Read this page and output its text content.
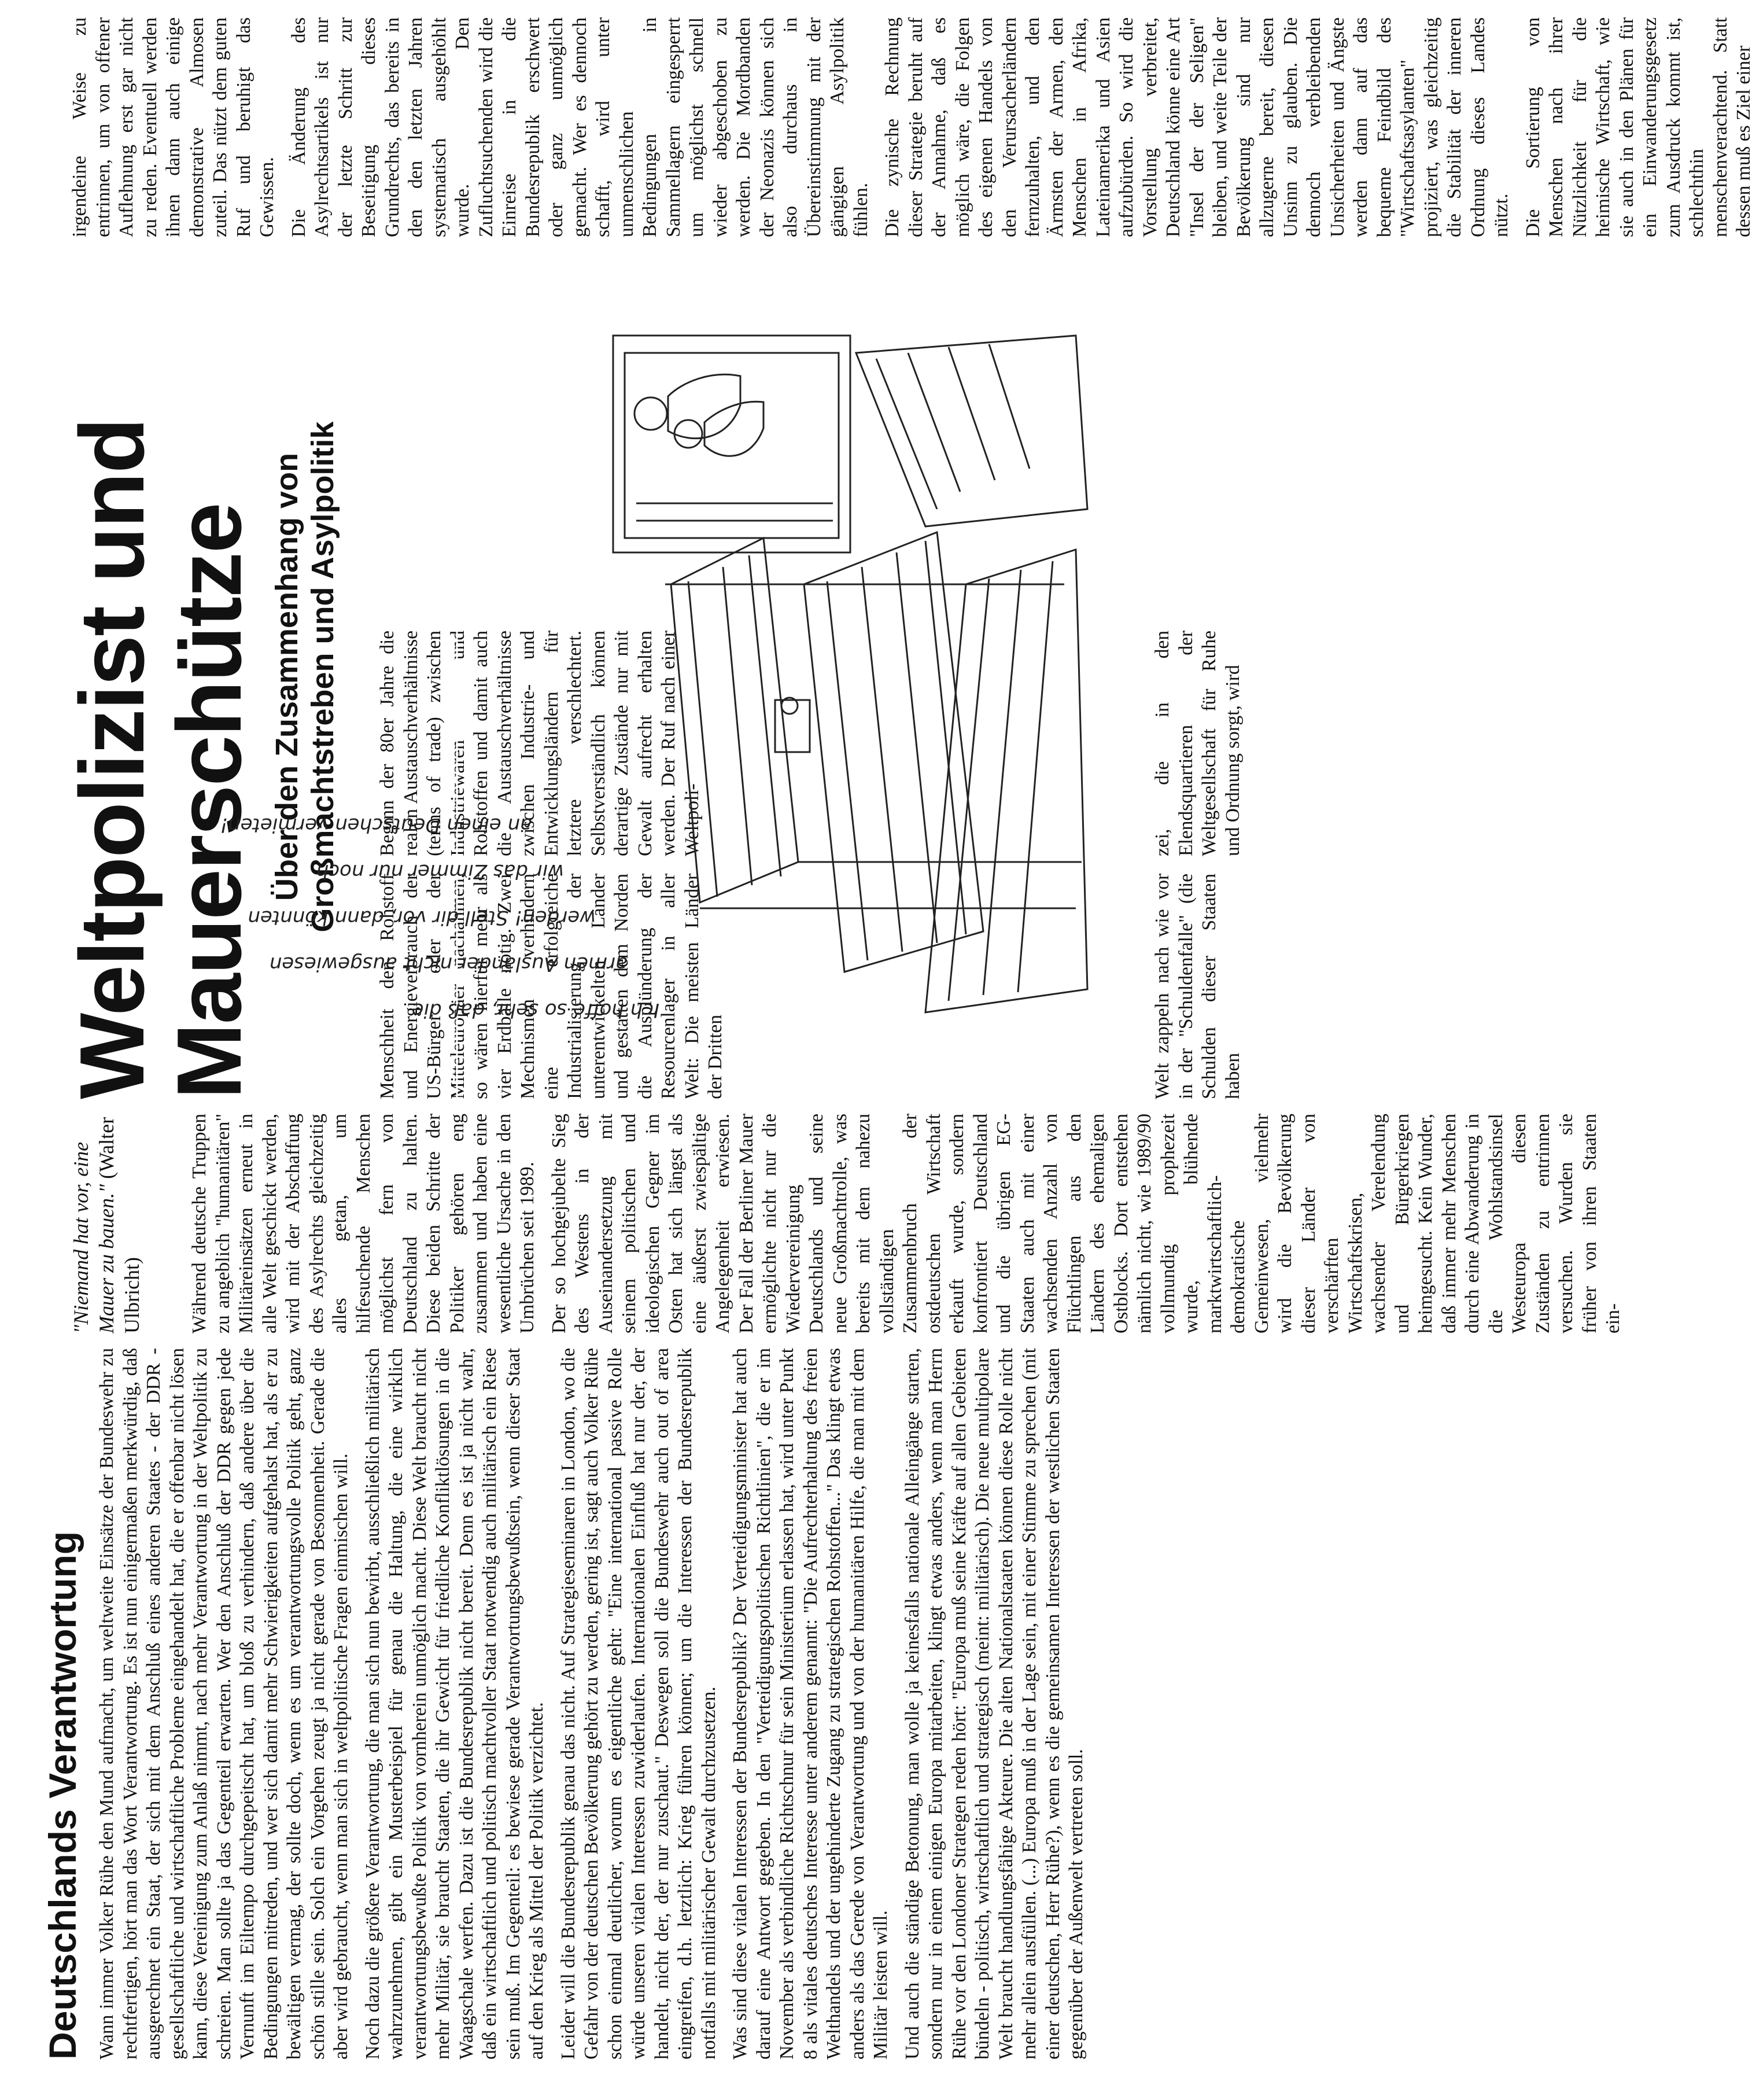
Deutschlands Verantwortung Wann immer Volker Rühe den Mund aufmacht, um weltweite Einsätze der Bundeswehr zu rechtfertigen, hört man das Wort Verantwortung. Es ist nun einigermaßen merkwürdig, daß ausgerechnet ein Staat, der sich mit dem Anschluß eines anderen Staates - der DDR - gesellschaftliche und wirtschaftliche Probleme eingehandelt hat, die er offenbar nicht lösen kann, diese Vereinigung zum Anlaß nimmt, nach mehr Verantwortung in der Weltpolitik zu schreien. Man sollte ja das Gegenteil erwarten. Wer den Anschluß der DDR gegen jede Vernunft im Eiltempo durchgepeitscht hat, um bloß zu verhindern, daß andere über die Bedingungen mitreden, und wer sich damit mehr Schwierigkeiten aufgehalst hat, als er zu bewältigen vermag, der sollte doch, wenn es um verantwortungsvolle Politik geht, ganz schön stille sein. Solch ein Vorgehen zeugt ja nicht gerade von Besonnenheit. Gerade die aber wird gebraucht, wenn man sich in weltpolitische Fragen einmischen will. Noch dazu die größere Verantwortung, die man sich nun bewirbt, ausschließlich militärisch wahrzunehmen, gibt ein Musterbeispiel für genau die Haltung, die eine wirklich verantwortungsbewußte Politik von vornherein unmöglich macht. Diese Welt braucht nicht mehr Militär, sie braucht Staaten, die ihr Gewicht für friedliche Konfliktlösungen in die Waagschale werfen. Dazu ist die Bundesrepublik nicht bereit. Denn es ist ja nicht wahr, daß ein wirtschaftlich und politisch machtvoller Staat notwendig auch militärisch ein Riese sein muß. Im Gegenteil: es bewiese gerade Verantwortungsbewußtsein, wenn dieser Staat auf den Krieg als Mittel der Politik verzichtet. Leider will die Bundesrepublik genau das nicht. Auf Strategieseminaren in London, wo die Gefahr von der deutschen Bevölkerung gehört zu werden, gering ist, sagt auch Volker Rühe schon einmal deutlicher, worum es eigentliche geht: "Eine international passive Rolle würde unseren vitalen Interessen zuwiderlaufen. Internationalen Einfluß hat nur der, der handelt, nicht der, der nur zuschaut." Deswegen soll die Bundeswehr auch out of area eingreifen, d.h. letztlich: Krieg führen können; um die Interessen der Bundesrepublik notfalls mit militärischer Gewalt durchzusetzen. Was sind diese vitalen Interessen der Bundesrepublik? Der Verteidigungsminister hat auch darauf eine Antwort gegeben. In den "Verteidigungspolitischen Richtlinien", die er im November als verbindliche Richtschnur für sein Ministerium erlassen hat, wird unter Punkt 8 als vitales deutsches Interesse unter anderem genannt: "Die Aufrechterhaltung des freien Welthandels und der ungehinderte Zugang zu strategischen Rohstoffen..." Das klingt etwas anders als das Gerede von Verantwortung und von der humanitären Hilfe, die man mit dem Militär leisten will. Und auch die ständige Betonung, man wolle ja keinesfalls nationale Alleingänge starten, sondern nur in einem einigen Europa mitarbeiten, klingt etwas anders, wenn man Herrn Rühe vor den Londoner Strategen reden hört: "Europa muß seine Kräfte auf allen Gebieten bündeln - politisch, wirtschaftlich und strategisch (meint: militärisch). Die neue multipolare Welt braucht handlungsfähige Akteure. Die alten Nationalstaaten können diese Rolle nicht mehr allein ausfüllen. (...) Europa muß in der Lage sein, mit einer Stimme zu sprechen (mit einer deutschen, Herr Rühe?), wenn es die gemeinsamen Interessen der westlichen Staaten gegenüber der Außenwelt vertreten soll.

"Niemand hat vor, eine Mauer zu bauen." (Walter Ulbricht) Während deutsche Truppen zu angeblich "humanitären" Militäreinsätzen erneut in alle Welt geschickt werden, wird mit der Abschaffung des Asylrechts gleichzeitig alles getan, um hilfesuchende Menschen möglichst fern von Deutschland zu halten. Diese beiden Schritte der Politiker gehören eng zusammen und haben eine wesentliche Ursache in den Umbrüchen seit 1989. Der so hochgejubelte Sieg des Westens in der Auseinandersetzung mit seinem politischen und ideologischen Gegner im Osten hat sich längst als eine äußerst zwiespältige Angelegenheit erwiesen. Der Fall der Berliner Mauer ermöglichte nicht nur die Wiedervereinigung Deutschlands und seine neue Großmachtrolle, was bereits mit dem nahezu vollständigen Zusammenbruch der ostdeutschen Wirtschaft erkauft wurde, sondern konfrontiert Deutschland und die übrigen EG- Staaten auch mit einer wachsenden Anzahl von Flüchtlingen aus den Ländern des ehemaligen Ostblocks. Dort entstehen nämlich nicht, wie 1989/90 vollmundig prophezeit wurde, blühende marktwirtschaftlich- demokratische Gemeinwesen, vielmehr wird die Bevölkerung dieser Länder von verschärften Wirtschaftskrisen, wachsender Verelendung und Bürgerkriegen heimgesucht. Kein Wunder, daß immer mehr Menschen durch eine Abwanderung in die Wohlstandsinsel Westeuropa diesen Zuständen zu entrinnen versuchen. Wurden sie früher von ihren Staaten ein-

Weltpolizist und
Mauerschütze Über den Zusammenhang von Großmachtstreben und Asylpolitik

Menschheit den Rohstoff und Energieverbrauch der US-Bürger oder der Mitteleuropäer nachahmen, so wären hierfür mehr als vier Erdbälle nötig. Zwei Mechnismen verhindern eine erfolgreiche Industrialisierung der unterentwickelten Länder und gestatten dem Norden die Ausplünderung der Resourcenlager in aller Welt: Die meisten Länder der Dritten

Beginn der 80er Jahre die realen Austauschverhältnisse (terms of trade) zwischen Industriewaren und Rohstoffen und damit auch die Austauschverhältnisse zwischen Industrie- und Entwicklungsländern für letztere verschlechtert. Selbstverständlich können derartige Zustände nur mit Gewalt aufrecht erhalten werden. Der Ruf nach einer Weltpoli-

Ich hoffe so sehr, daß die
armen Ausländer nicht ausgewiesen
werden! Stell dir vor, dann könnten
wir das Zimmer nur noch
an einen Deutschen vermieten!

Welt zappeln nach wie vor in der "Schuldenfalle" (die Schulden dieser Staaten haben

zei, die in den Elendsquartieren der Weltgesellschaft für Ruhe und Ordnung sorgt, wird

irgendeine Weise zu entrinnen, um von offener Auflehnung erst gar nicht zu reden. Eventuell werden ihnen dann auch einige demonstrative Almosen zuteil. Das nützt dem guten Ruf und beruhigt das Gewissen. Die Änderung des Asylrechtsartikels ist nur der letzte Schritt zur Beseitigung dieses Grundrechts, das bereits in den den letzten Jahren systematisch ausgehöhlt wurde. Den Zufluchtsuchenden wird die Einreise in die Bundesrepublik erschwert oder ganz unmöglich gemacht. Wer es dennoch schafft, wird unter unmenschlichen Bedingungen in Sammellagern eingesperrt um möglichst schnell wieder abgeschoben zu werden. Die Mordbanden der Neonazis können sich also durchaus in Übereinstimmung mit der gängigen Asylpolitik fühlen. Die zynische Rechnung dieser Strategie beruht auf der Annahme, daß es möglich wäre, die Folgen des eigenen Handels von den Verursacherländern fernzuhalten, und den Ärmsten der Armen, den Menschen in Afrika, Lateinamerika und Asien aufzubürden. So wird die Vorstellung verbreitet, Deutschland könne eine Art "Insel der der Seligen" bleiben, und weite Teile der Bevölkerung sind nur allzugerne bereit, diesen Unsinn zu glauben. Die dennoch verbleibenden Unsicherheiten und Ängste werden dann auf das bequeme Feindbild des "Wirtschaftsasylanten" projiziert, was gleichzeitig die Stabilität der inneren Ordnung dieses Landes nützt. Die Sortierung von Menschen nach ihrer Nützlichkeit für die heimische Wirtschaft, wie sie auch in den Plänen für ein Einwanderungsgesetz zum Ausdruck kommt ist, schlechthin menschenverachtend. Statt dessen muß es Ziel einer
